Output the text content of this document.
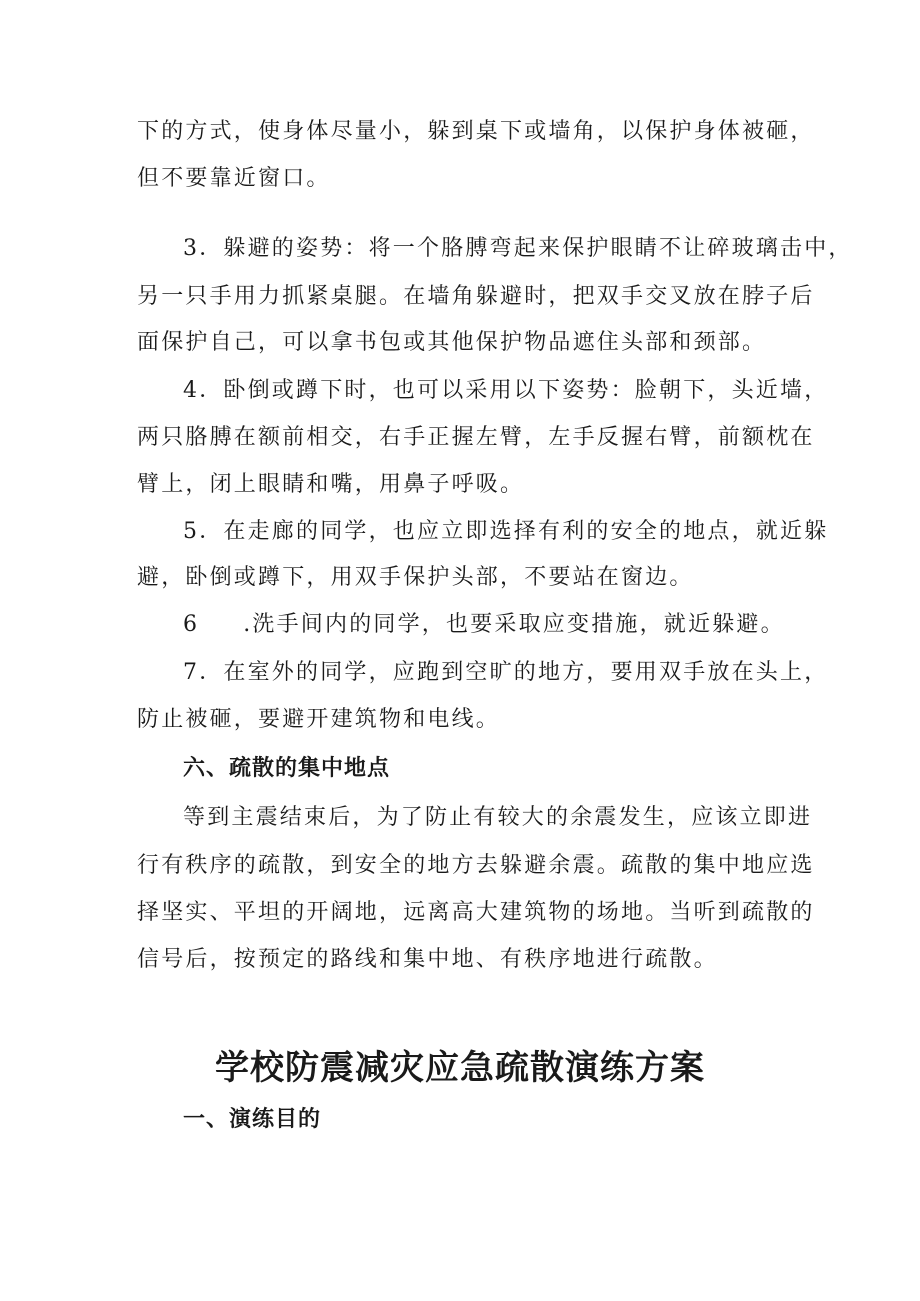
下的方式，使身体尽量小，躲到桌下或墙角，以保护身体被砸，

但不要靠近窗口。

3．躲避的姿势：将一个胳膊弯起来保护眼睛不让碎玻璃击中，

另一只手用力抓紧桌腿。在墙角躲避时，把双手交叉放在脖子后

面保护自己，可以拿书包或其他保护物品遮住头部和颈部。

4．卧倒或蹲下时，也可以采用以下姿势：脸朝下，头近墙，

两只胳膊在额前相交，右手正握左臂，左手反握右臂，前额枕在

臂上，闭上眼睛和嘴，用鼻子呼吸。

5．在走廊的同学，也应立即选择有利的安全的地点，就近躲

避，卧倒或蹲下，用双手保护头部，不要站在窗边。

6 .洗手间内的同学，也要采取应变措施，就近躲避。

7．在室外的同学，应跑到空旷的地方，要用双手放在头上，

防止被砸，要避开建筑物和电线。

六、疏散的集中地点

等到主震结束后，为了防止有较大的余震发生，应该立即进

行有秩序的疏散，到安全的地方去躲避余震。疏散的集中地应选

择坚实、平坦的开阔地，远离高大建筑物的场地。当听到疏散的

信号后，按预定的路线和集中地、有秩序地进行疏散。

学校防震减灾应急疏散演练方案
一、演练目的
